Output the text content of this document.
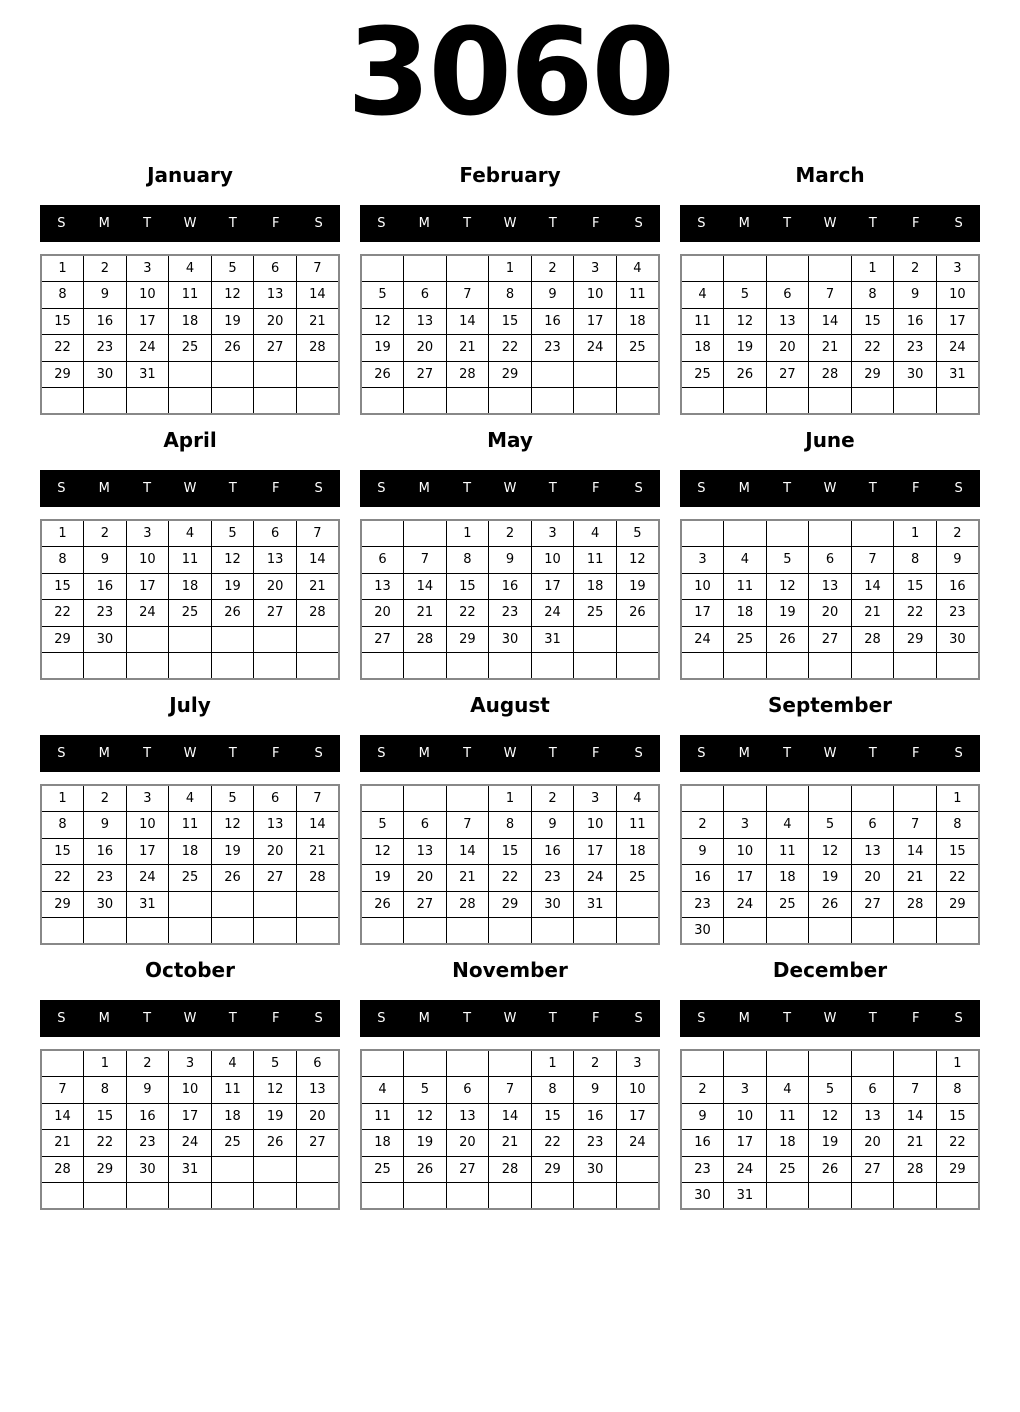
3060
January
S	M	T	W	T	F	S
1	2	3	4	5	6	7
8	9	10	11	12	13	14
15	16	17	18	19	20	21
22	23	24	25	26	27	28
29	30	31				

February
S	M	T	W	T	F	S
			1	2	3	4
5	6	7	8	9	10	11
12	13	14	15	16	17	18
19	20	21	22	23	24	25
26	27	28	29			

March
S	M	T	W	T	F	S
				1	2	3
4	5	6	7	8	9	10
11	12	13	14	15	16	17
18	19	20	21	22	23	24
25	26	27	28	29	30	31

April
S	M	T	W	T	F	S
1	2	3	4	5	6	7
8	9	10	11	12	13	14
15	16	17	18	19	20	21
22	23	24	25	26	27	28
29	30					

May
S	M	T	W	T	F	S
		1	2	3	4	5
6	7	8	9	10	11	12
13	14	15	16	17	18	19
20	21	22	23	24	25	26
27	28	29	30	31		

June
S	M	T	W	T	F	S
					1	2
3	4	5	6	7	8	9
10	11	12	13	14	15	16
17	18	19	20	21	22	23
24	25	26	27	28	29	30

July
S	M	T	W	T	F	S
1	2	3	4	5	6	7
8	9	10	11	12	13	14
15	16	17	18	19	20	21
22	23	24	25	26	27	28
29	30	31				

August
S	M	T	W	T	F	S
			1	2	3	4
5	6	7	8	9	10	11
12	13	14	15	16	17	18
19	20	21	22	23	24	25
26	27	28	29	30	31	

September
S	M	T	W	T	F	S
						1
2	3	4	5	6	7	8
9	10	11	12	13	14	15
16	17	18	19	20	21	22
23	24	25	26	27	28	29
30						
October
S	M	T	W	T	F	S
	1	2	3	4	5	6
7	8	9	10	11	12	13
14	15	16	17	18	19	20
21	22	23	24	25	26	27
28	29	30	31			

November
S	M	T	W	T	F	S
				1	2	3
4	5	6	7	8	9	10
11	12	13	14	15	16	17
18	19	20	21	22	23	24
25	26	27	28	29	30	

December
S	M	T	W	T	F	S
						1
2	3	4	5	6	7	8
9	10	11	12	13	14	15
16	17	18	19	20	21	22
23	24	25	26	27	28	29
30	31					
